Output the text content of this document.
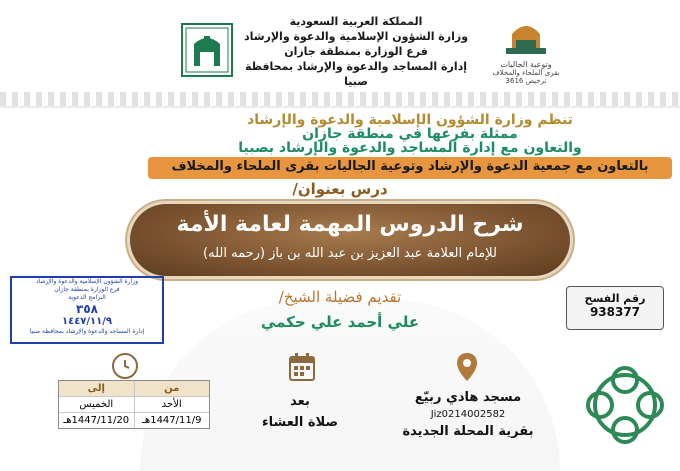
المملكة العربية السعودية
وزارة الشؤون الإسلامية والدعوة والإرشاد
فرع الوزارة بمنطقة جازان
إدارة المساجد والدعوة والإرشاد بمحافظة صبيا
وتوعية الجاليات
بقرى الملحاء والمخلاف
ترخيص 3616
تنظم وزارة الشؤون الإسلامية والدعوة والإرشاد
ممثلة بفرعها في منطقة جازان
والتعاون مع إدارة المساجد والدعوة والإرشاد بصبيا
بالتعاون مع جمعية الدعوة والإرشاد وتوعية الجاليات بقرى الملحاء والمخلاف
درس بعنوان/
شرح الدروس المهمة لعامة الأمة
للإمام العلامة عبد العزيز بن عبد الله بن باز (رحمه الله)
تقديم فضيلة الشيخ/
علي أحمد علي حكمي
رقم الفسح
938377
وزارة الشؤون الإسلامية والدعوة والإرشاد
فرع الوزارة بمنطقة جازان
البرامج الدعوية
٣٥٨
١٤٤٧/١١/٩
إدارة المساجد والدعوة والإرشاد بمحافظة صبيا
مسجد هادي ربيّع
Jiz0214002582
بقرية المحلة الجديدة
بعد
صلاة العشاء
من
إلى
الأحد
الخميس
1447/11/9هـ
1447/11/20هـ
